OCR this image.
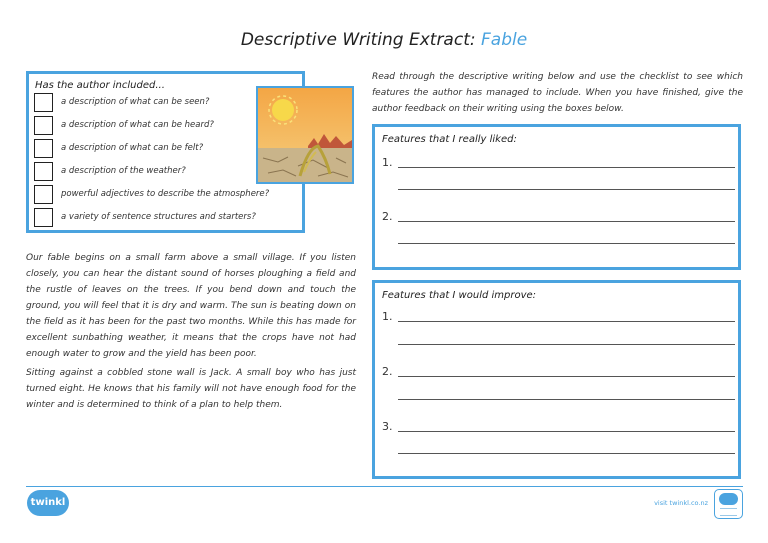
Descriptive Writing Extract: Fable
Has the author included...
a description of what can be seen?
a description of what can be heard?
a description of what can be felt?
a description of the weather?
powerful adjectives to describe the atmosphere?
a variety of sentence structures and starters?

Our fable begins on a small farm above a small village. If you listen closely, you can hear the distant sound of horses ploughing a field and the rustle of leaves on the trees. If you bend down and touch the ground, you will feel that it is dry and warm. The sun is beating down on the field as it has been for the past two months. While this has made for excellent sunbathing weather, it means that the crops have not had enough water to grow and the yield has been poor.

Sitting against a cobbled stone wall is Jack. A small boy who has just turned eight. He knows that his family will not have enough food for the winter and is determined to think of a plan to help them.

Read through the descriptive writing below and use the checklist to see which features the author has managed to include. When you have finished, give the author feedback on their writing using the boxes below.

Features that I really liked:
1.
2.
Features that I would improve:
1.
2.
3.
twinkl	visit twinkl.co.nz
